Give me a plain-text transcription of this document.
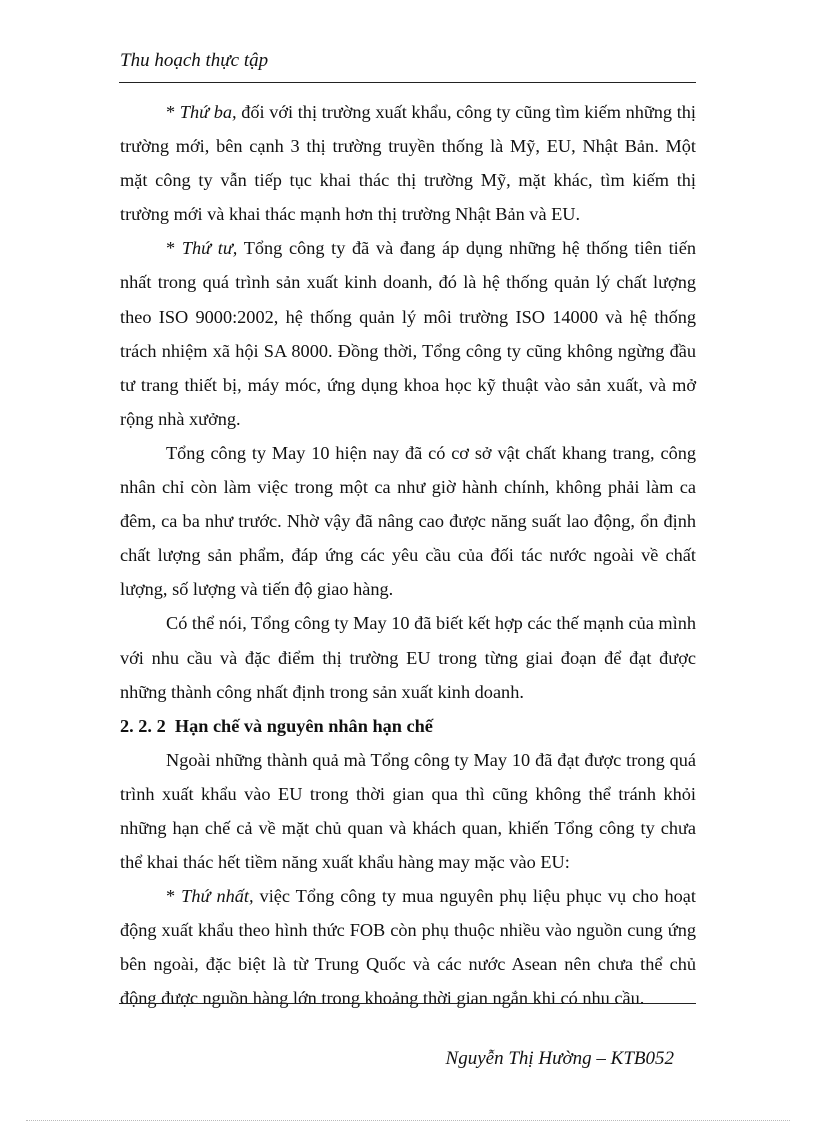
Thu hoạch thực tập

* Thứ ba, đối với thị trường xuất khẩu, công ty cũng tìm kiếm những thị trường mới, bên cạnh 3 thị trường truyền thống là Mỹ, EU, Nhật Bản. Một mặt công ty vẫn tiếp tục khai thác thị trường Mỹ, mặt khác, tìm kiếm thị trường mới và khai thác mạnh hơn thị trường Nhật Bản và EU.

* Thứ tư, Tổng công ty đã và đang áp dụng những hệ thống tiên tiến nhất trong quá trình sản xuất kinh doanh, đó là hệ thống quản lý chất lượng theo ISO 9000:2002, hệ thống quản lý môi trường ISO 14000 và hệ thống trách nhiệm xã hội SA 8000. Đồng thời, Tổng công ty cũng không ngừng đầu tư trang thiết bị, máy móc, ứng dụng khoa học kỹ thuật vào sản xuất, và mở rộng nhà xưởng.

Tổng công ty May 10 hiện nay đã có cơ sở vật chất khang trang, công nhân chỉ còn làm việc trong một ca như giờ hành chính, không phải làm ca đêm, ca ba như trước. Nhờ vậy đã nâng cao được năng suất lao động, ổn định chất lượng sản phẩm, đáp ứng các yêu cầu của đối tác nước ngoài về chất lượng, số lượng và tiến độ giao hàng.

Có thể nói, Tổng công ty May 10 đã biết kết hợp các thế mạnh của mình với nhu cầu và đặc điểm thị trường EU trong từng giai đoạn để đạt được những thành công nhất định trong sản xuất kinh doanh.

2. 2. 2 Hạn chế và nguyên nhân hạn chế

Ngoài những thành quả mà Tổng công ty May 10 đã đạt được trong quá trình xuất khẩu vào EU trong thời gian qua thì cũng không thể tránh khỏi những hạn chế cả về mặt chủ quan và khách quan, khiến Tổng công ty chưa thể khai thác hết tiềm năng xuất khẩu hàng may mặc vào EU:

* Thứ nhất, việc Tổng công ty mua nguyên phụ liệu phục vụ cho hoạt động xuất khẩu theo hình thức FOB còn phụ thuộc nhiều vào nguồn cung ứng bên ngoài, đặc biệt là từ Trung Quốc và các nước Asean nên chưa thể chủ động được nguồn hàng lớn trong khoảng thời gian ngắn khi có nhu cầu.

Nguyễn Thị Hường – KTB052
